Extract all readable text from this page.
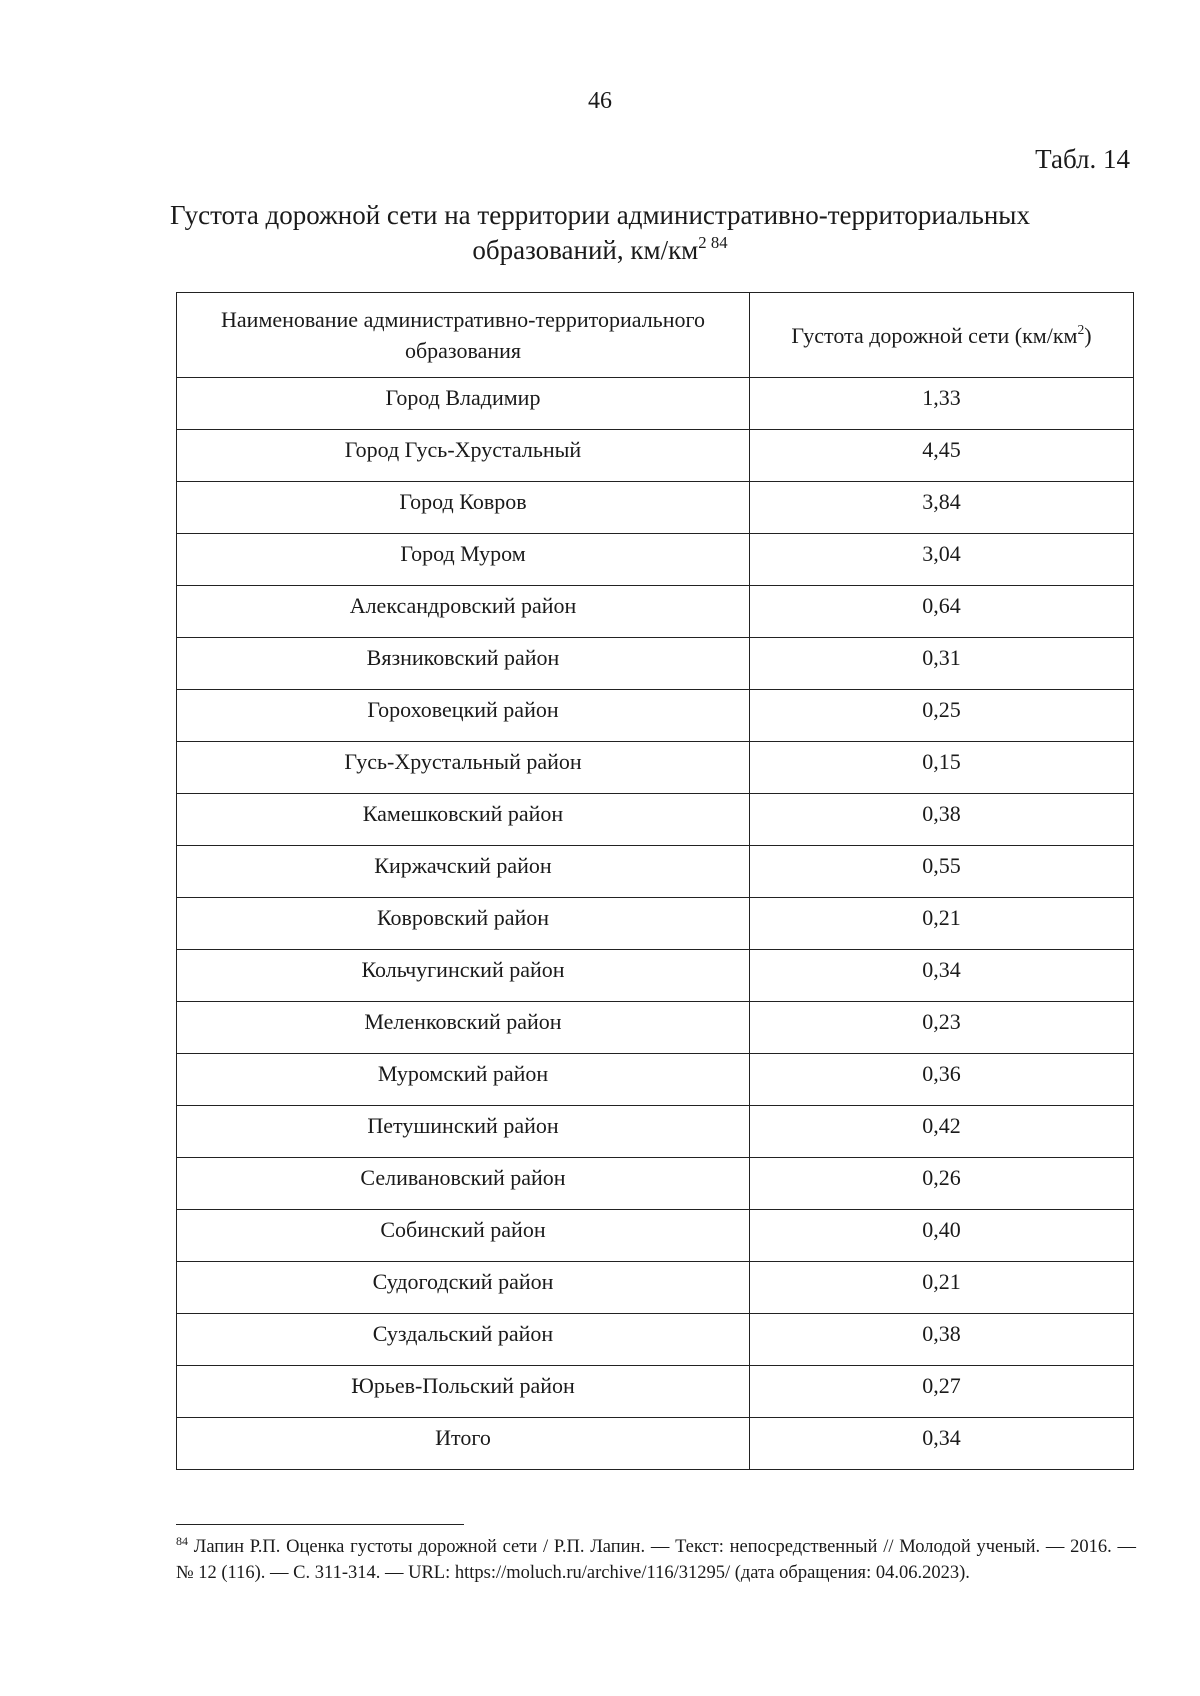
46
Табл. 14
Густота дорожной сети на территории административно-территориальных
образований, $км/км^{2 84}$
Наименование административно-территориального образования	Густота дорожной сети $(км/км^2)$
Город Владимир	1,33
Город Гусь-Хрустальный	4,45
Город Ковров	3,84
Город Муром	3,04
Александровский район	0,64
Вязниковский район	0,31
Гороховецкий район	0,25
Гусь-Хрустальный район	0,15
Камешковский район	0,38
Киржачский район	0,55
Ковровский район	0,21
Кольчугинский район	0,34
Меленковский район	0,23
Муромский район	0,36
Петушинский район	0,42
Селивановский район	0,26
Собинский район	0,40
Судогодский район	0,21
Суздальский район	0,38
Юрьев-Польский район	0,27
Итого	0,34
$^{84}$ Лапин Р.П. Оценка густоты дорожной сети / Р.П. Лапин. — Текст: непосредственный // Молодой ученый. — 2016. — № 12 (116). — С. 311-314. — URL: https://moluch.ru/archive/116/31295/ (дата обращения: 04.06.2023).
